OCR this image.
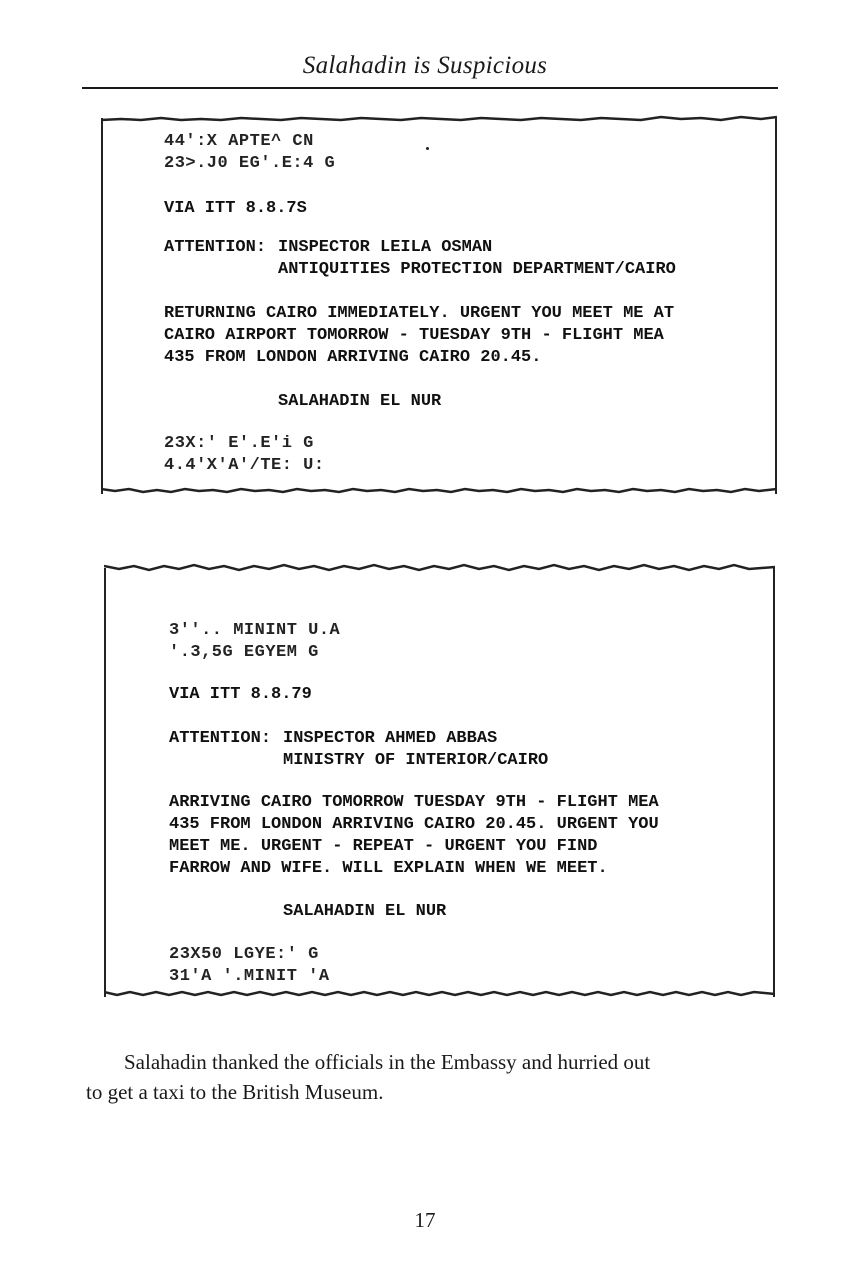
Salahadin is Suspicious
44':X APTE^ CN
23>.J0 EG'.E:4 G
VIA ITT 8.8.7S
ATTENTION: INSPECTOR LEILA OSMAN
ANTIQUITIES PROTECTION DEPARTMENT/CAIRO
RETURNING CAIRO IMMEDIATELY. URGENT YOU MEET ME AT
CAIRO AIRPORT TOMORROW - TUESDAY 9TH - FLIGHT MEA
435 FROM LONDON ARRIVING CAIRO 20.45.
SALAHADIN EL NUR
23X:' E'.E'i G
4.4'X'A'/TE: U:
3''.. MININT U.A
'.3,5G EGYEM G
VIA ITT 8.8.79
ATTENTION: INSPECTOR AHMED ABBAS
MINISTRY OF INTERIOR/CAIRO
ARRIVING CAIRO TOMORROW TUESDAY 9TH - FLIGHT MEA
435 FROM LONDON ARRIVING CAIRO 20.45. URGENT YOU
MEET ME. URGENT - REPEAT - URGENT YOU FIND
FARROW AND WIFE. WILL EXPLAIN WHEN WE MEET.
SALAHADIN EL NUR
23X50 LGYE:' G
31'A '.MINIT 'A
Salahadin thanked the officials in the Embassy and hurried out
to get a taxi to the British Museum.
17
